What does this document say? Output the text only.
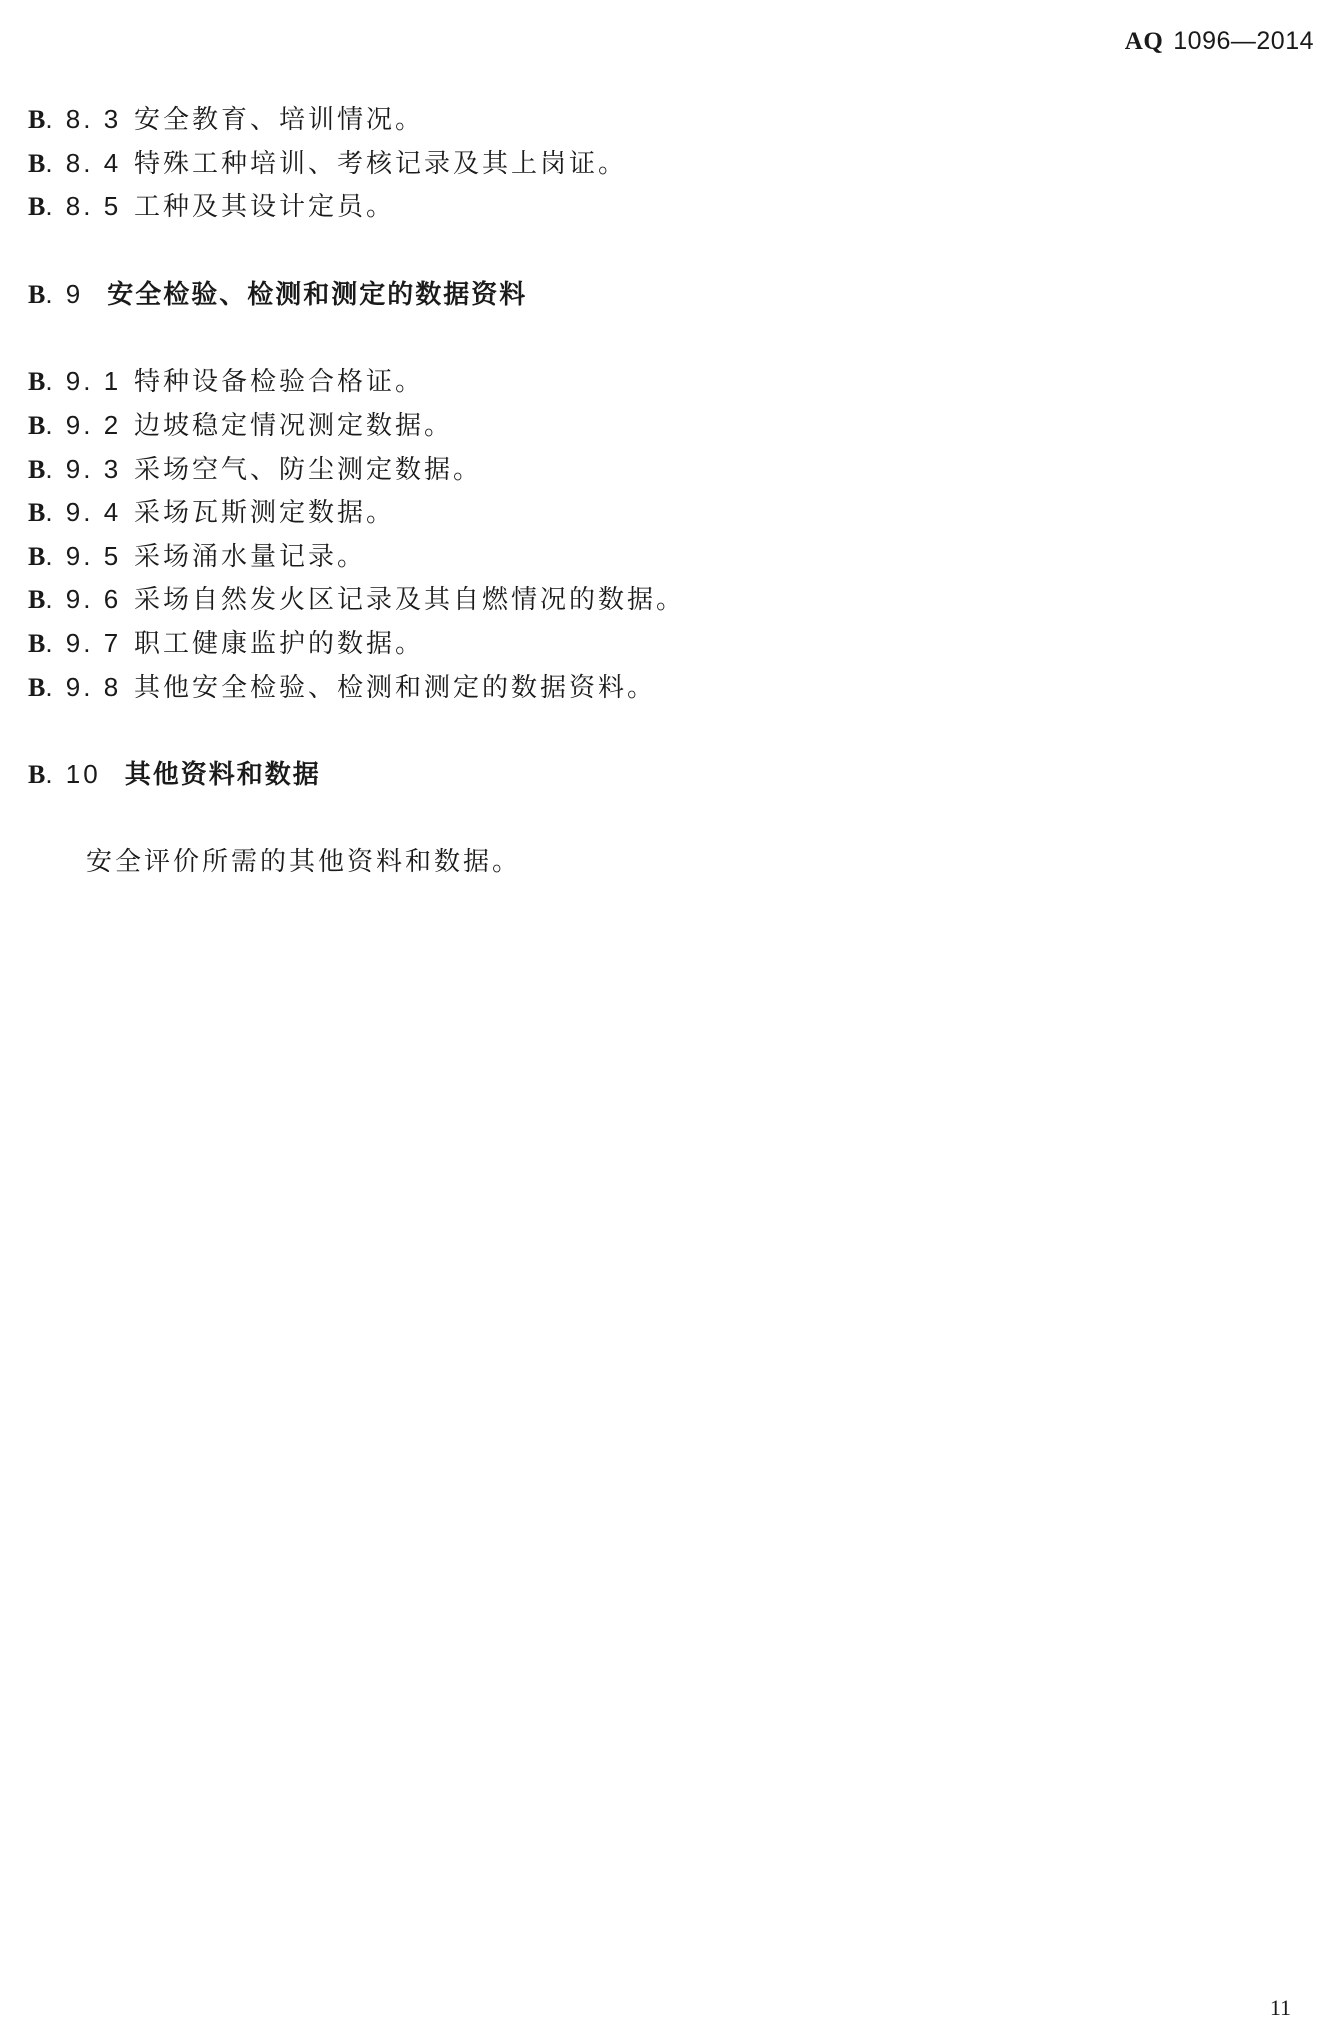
AQ 1096—2014
B. 8. 3 安全教育、培训情况。
B. 8. 4 特殊工种培训、考核记录及其上岗证。
B. 8. 5 工种及其设计定员。
B. 9 安全检验、检测和测定的数据资料
B. 9. 1 特种设备检验合格证。
B. 9. 2 边坡稳定情况测定数据。
B. 9. 3 采场空气、防尘测定数据。
B. 9. 4 采场瓦斯测定数据。
B. 9. 5 采场涌水量记录。
B. 9. 6 采场自然发火区记录及其自燃情况的数据。
B. 9. 7 职工健康监护的数据。
B. 9. 8 其他安全检验、检测和测定的数据资料。
B. 10 其他资料和数据
安全评价所需的其他资料和数据。
11
